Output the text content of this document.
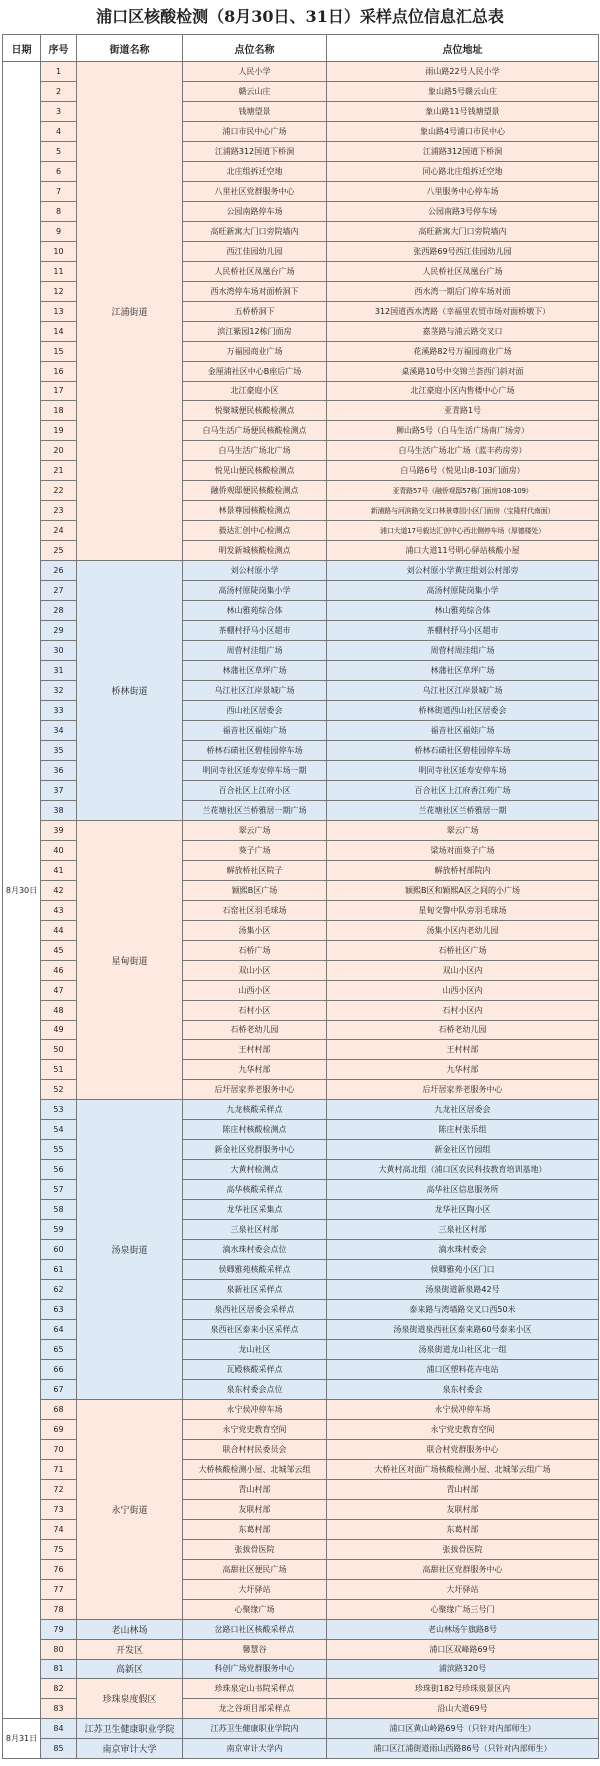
浦口区核酸检测（8月30日、31日）采样点位信息汇总表
日期	序号	街道名称	点位名称	点位地址
8月30日	1	江浦街道	人民小学	雨山路22号人民小学
	2		赣云山庄	象山路5号赣云山庄
	3		钱塘望景	象山路11号钱塘望景
	4		浦口市民中心广场	象山路4号浦口市民中心
	5		江浦路312国道下桥洞	江浦路312国道下桥洞
	6		北庄组拆迁空地	同心路北庄组拆迁空地
	7		八里社区党群服务中心	八里服务中心停车场
	8		公园南路停车场	公园南路3号停车场
	9		高旺新寓大门口旁院墙内	高旺新寓大门口旁院墙内
	10		西江佳园幼儿园	张西路69号西江佳园幼儿园
	11		人民桥社区凤凰台广场	人民桥社区凤凰台广场
	12		西水湾停车场对面桥洞下	西水湾一期后门停车场对面
	13		五桥桥洞下	312国道西水湾路（幸福里农贸市场对面桥墩下）
	14		滨江紫园12栋门面房	嘉茎路与浦云路交叉口
	15		万福园商业广场	花溪路82号万福园商业广场
	16		金厘浦社区中心B座后广场	桌溪路10号中交锦兰荟西门斜对面
	17		北江豪庭小区	北江豪庭小区内售楼中心广场
	18		悦聚城便民核酸检测点	亚青路1号
	19		白马生活广场便民核酸检测点	狮山路5号（白马生活广场南广场旁）
	20		白马生活广场北广场	白马生活广场北广场（蓝丰药房旁）
	21		悦见山便民核酸检测点	白马路6号（悦见山8-103门面房）
	22		融侨观邸便民核酸检测点	亚青路57号（融侨观邸57栋门面房108-109）
	23		林景尊园核酸检测点	新浦路与河滨路交叉口林景尊园小区门面房（宝隆村代南面）
	24		毅达汇创中心检测点	浦口大道17号毅达汇创中心西北侧停车场（厚德楼处）
	25		明发新城核酸检测点	浦口大道11号明心驿站核酸小屋
	26	桥林街道	刘公村原小学	刘公村原小学黄庄组刘公村部旁
	27		高汤村原陡岗集小学	高汤村原陡岗集小学
	28		林山雅苑综合体	林山雅苑综合体
	29		茶棚村抒马小区超市	茶棚村抒马小区超市
	30		周营村洼组广场	周营村周洼组广场
	31		林蒲社区草坪广场	林蒲社区草坪广场
	32		乌江社区江岸景城广场	乌江社区江岸景城广场
	33		西山社区居委会	桥林街道西山社区居委会
	34		福音社区福娃广场	福音社区福娃广场
	35		桥林石碛社区碧桂园停车场	桥林石碛社区碧桂园停车场
	36		明同寺社区延寿安停车场一期	明同寺社区延寿安停车场
	37		百合社区上江府小区	百合社区上江府香江苑广场
	38		兰花塘社区兰桥雅居一期广场	兰花塘社区兰桥雅居一期
	39	星甸街道	翠云广场	翠云广场
	40		葵子广场	梁场对面葵子广场
	41		解放桥社区院子	解放桥村部院内
	42		颖熙B区广场	颖熙B区和颖熙A区之间的小广场
	43		石窑社区羽毛球场	星甸交警中队旁羽毛球场
	44		汤集小区	汤集小区内老幼儿园
	45		石桥广场	石桥社区广场
	46		双山小区	双山小区内
	47		山西小区	山西小区内
	48		石村小区	石村小区内
	49		石桥老幼儿园	石桥老幼儿园
	50		王村村部	王村村部
	51		九华村部	九华村部
	52		后圩居家养老服务中心	后圩居家养老服务中心
	53	汤泉街道	九龙核酸采样点	九龙社区居委会
	54		陈庄村核酸检测点	陈庄村张乐组
	55		新金社区党群服务中心	新金社区竹园组
	56		大黄村检测点	大黄村高北组（浦口区农民科技教育培训基地）
	57		高华核酸采样点	高华社区信息服务所
	58		龙华社区采集点	龙华社区陶小区
	59		三泉社区村部	三泉社区村部
	60		滴水珠村委会点位	滴水珠村委会
	61		侯卿雅苑核酸采样点	侯卿雅苑小区门口
	62		泉新社区采样点	汤泉街道新泉路42号
	63		泉西社区居委会采样点	泰来路与湾墙路交叉口西50米
	64		泉西社区泰来小区采样点	汤泉街道泉西社区泰来路60号泰来小区
	65		龙山社区	汤泉街道龙山社区北一组
	66		瓦殿核酸采样点	浦口区塑料花卉电站
	67		泉东村委会点位	泉东村委会
	68	永宁街道	永宁侯冲停车场	永宁侯冲停车场
	69		永宁党史教育空间	永宁党史教育空间
	70		联合村村民委员会	联合村党群服务中心
	71		大桥核酸检测小屋、北城邹云组	大桥社区对面广场核酸检测小屋、北城邹云组广场
	72		青山村部	青山村部
	73		友联村部	友联村部
	74		东葛村部	东葛村部
	75		张拔骨医院	张拔骨医院
	76		高甜社区便民广场	高甜社区党群服务中心
	77		大圩驿站	大圩驿站
	78		心聚缘广场	心聚缘广场三号门
	79	老山林场	岔路口社区核酸采样点	老山林场午旗路8号
	80	开发区	馨慧谷	浦口区双峰路69号
	81	高新区	科创广场党群服务中心	浦滨路320号
	82	珍珠泉度假区	珍珠泉定山书院采样点	珍珠街182号珍珠泉景区内
	83		龙之谷项目部采样点	沿山大道69号
8月31日	84	江苏卫生健康职业学院	江苏卫生健康职业学院内	浦口区黄山岭路69号（只针对内部师生）
	85	南京审计大学	南京审计大学内	浦口区江浦街道雨山西路86号（只针对内部师生）
